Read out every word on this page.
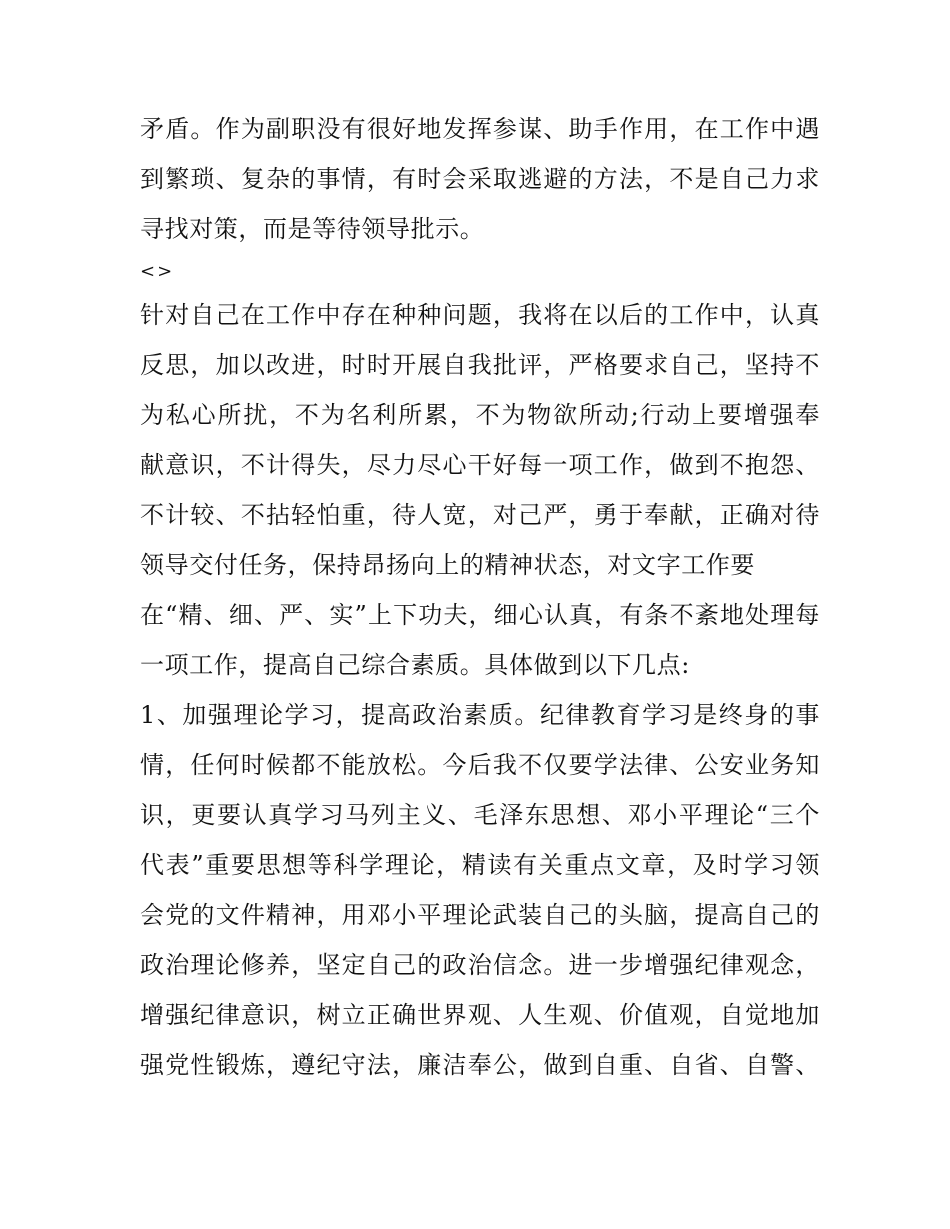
矛盾。作为副职没有很好地发挥参谋、助手作用，在工作中遇
到繁琐、复杂的事情，有时会采取逃避的方法，不是自己力求
寻找对策，而是等待领导批示。
<>
针对自己在工作中存在种种问题，我将在以后的工作中，认真
反思，加以改进，时时开展自我批评，严格要求自己，坚持不
为私心所扰，不为名利所累，不为物欲所动;行动上要增强奉
献意识，不计得失，尽力尽心干好每一项工作，做到不抱怨、
不计较、不拈轻怕重，待人宽，对己严，勇于奉献，正确对待
领导交付任务，保持昂扬向上的精神状态，对文字工作要
在“精、细、严、实”上下功夫，细心认真，有条不紊地处理每
一项工作，提高自己综合素质。具体做到以下几点:
1、加强理论学习，提高政治素质。纪律教育学习是终身的事
情，任何时候都不能放松。今后我不仅要学法律、公安业务知
识，更要认真学习马列主义、毛泽东思想、邓小平理论“三个
代表”重要思想等科学理论，精读有关重点文章，及时学习领
会党的文件精神，用邓小平理论武装自己的头脑，提高自己的
政治理论修养，坚定自己的政治信念。进一步增强纪律观念，
增强纪律意识，树立正确世界观、人生观、价值观，自觉地加
强党性锻炼，遵纪守法，廉洁奉公，做到自重、自省、自警、
